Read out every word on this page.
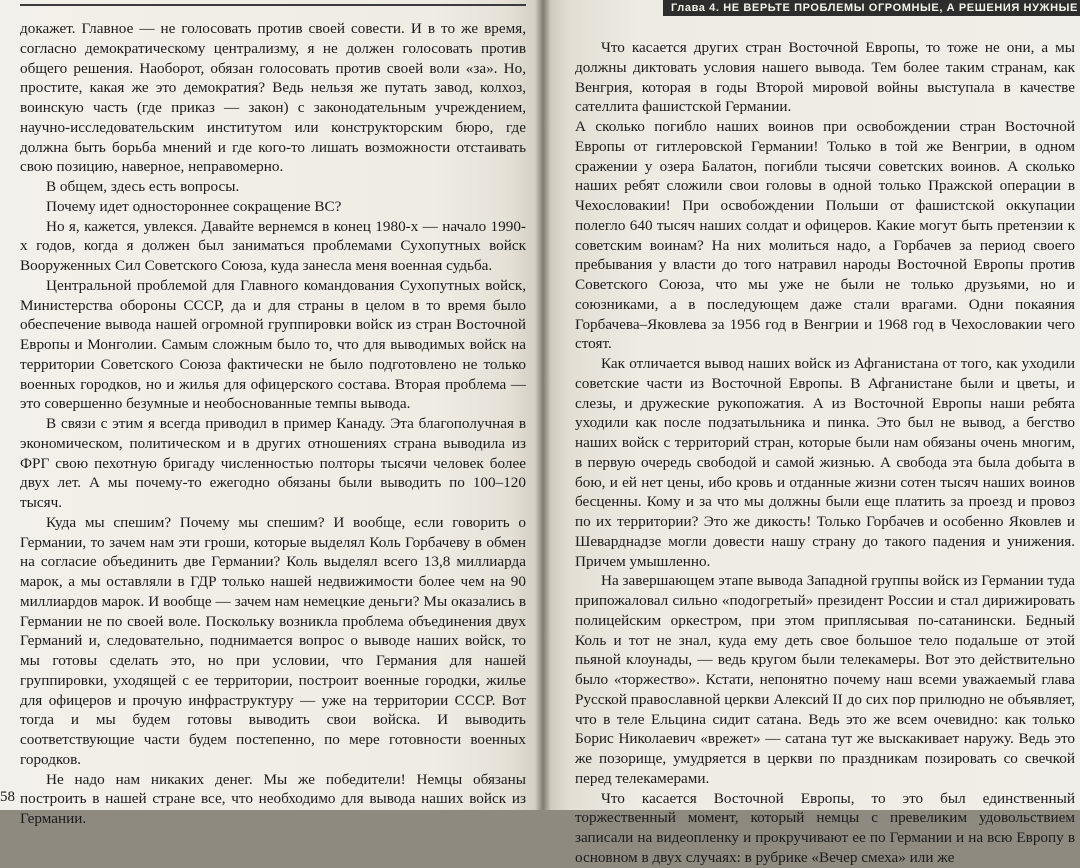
докажет. Главное — не голосовать против своей совести. И в то же время, согласно демократическому централизму, я не должен голосовать против общего решения. Наоборот, обязан голосовать против своей воли «за». Но, простите, какая же это демократия? Ведь нельзя же путать завод, колхоз, воинскую часть (где приказ — закон) с законодательным учреждением, научно-исследовательским институтом или конструкторским бюро, где должна быть борьба мнений и где кого-то лишать возможности отстаивать свою позицию, наверное, неправомерно.

В общем, здесь есть вопросы.

Почему идет одностороннее сокращение ВС?

Но я, кажется, увлекся. Давайте вернемся в конец 1980-х — начало 1990-х годов, когда я должен был заниматься проблемами Сухопутных войск Вооруженных Сил Советского Союза, куда занесла меня военная судьба.

Центральной проблемой для Главного командования Сухопутных войск, Министерства обороны СССР, да и для страны в целом в то время было обеспечение вывода нашей огромной группировки войск из стран Восточной Европы и Монголии. Самым сложным было то, что для выводимых войск на территории Советского Союза фактически не было подготовлено не только военных городков, но и жилья для офицерского состава. Вторая проблема — это совершенно безумные и необоснованные темпы вывода.

В связи с этим я всегда приводил в пример Канаду. Эта благополучная в экономическом, политическом и в других отношениях страна выводила из ФРГ свою пехотную бригаду численностью полторы тысячи человек более двух лет. А мы почему-то ежегодно обязаны были выводить по 100–120 тысяч.

Куда мы спешим? Почему мы спешим? И вообще, если говорить о Германии, то зачем нам эти гроши, которые выделял Коль Горбачеву в обмен на согласие объединить две Германии? Коль выделял всего 13,8 миллиарда марок, а мы оставляли в ГДР только нашей недвижимости более чем на 90 миллиардов марок. И вообще — зачем нам немецкие деньги? Мы оказались в Германии не по своей воле. Поскольку возникла проблема объединения двух Германий и, следовательно, поднимается вопрос о выводе наших войск, то мы готовы сделать это, но при условии, что Германия для нашей группировки, уходящей с ее территории, построит военные городки, жилье для офицеров и прочую инфраструктуру — уже на территории СССР. Вот тогда и мы будем готовы выводить свои войска. И выводить соответствующие части будем постепенно, по мере готовности военных городков.

Не надо нам никаких денег. Мы же победители! Немцы обязаны построить в нашей стране все, что необходимо для вывода наших войск из Германии.

58
Глава 4. НЕ ВЕРЬТЕ ПРОБЛЕМЫ ОГРОМНЫЕ, А РЕШЕНИЯ НУЖНЫЕ

Что касается других стран Восточной Европы, то тоже не они, а мы должны диктовать условия нашего вывода. Тем более таким странам, как Венгрия, которая в годы Второй мировой войны выступала в качестве сателлита фашистской Германии.

А сколько погибло наших воинов при освобождении стран Восточной Европы от гитлеровской Германии! Только в той же Венгрии, в одном сражении у озера Балатон, погибли тысячи советских воинов. А сколько наших ребят сложили свои головы в одной только Пражской операции в Чехословакии! При освобождении Польши от фашистской оккупации полегло 640 тысяч наших солдат и офицеров. Какие могут быть претензии к советским воинам? На них молиться надо, а Горбачев за период своего пребывания у власти до того натравил народы Восточной Европы против Советского Союза, что мы уже не были не только друзьями, но и союзниками, а в последующем даже стали врагами. Одни покаяния Горбачева–Яковлева за 1956 год в Венгрии и 1968 год в Чехословакии чего стоят.

Как отличается вывод наших войск из Афганистана от того, как уходили советские части из Восточной Европы. В Афганистане были и цветы, и слезы, и дружеские рукопожатия. А из Восточной Европы наши ребята уходили как после подзатыльника и пинка. Это был не вывод, а бегство наших войск с территорий стран, которые были нам обязаны очень многим, в первую очередь свободой и самой жизнью. А свобода эта была добыта в бою, и ей нет цены, ибо кровь и отданные жизни сотен тысяч наших воинов бесценны. Кому и за что мы должны были еще платить за проезд и провоз по их территории? Это же дикость! Только Горбачев и особенно Яковлев и Шеварднадзе могли довести нашу страну до такого падения и унижения. Причем умышленно.

На завершающем этапе вывода Западной группы войск из Германии туда припожаловал сильно «подогретый» президент России и стал дирижировать полицейским оркестром, при этом приплясывая по-сатанински. Бедный Коль и тот не знал, куда ему деть свое большое тело подальше от этой пьяной клоунады, — ведь кругом были телекамеры. Вот это действительно было «торжество». Кстати, непонятно почему наш всеми уважаемый глава Русской православной церкви Алексий II до сих пор прилюдно не объявляет, что в теле Ельцина сидит сатана. Ведь это же всем очевидно: как только Борис Николаевич «врежет» — сатана тут же выскакивает наружу. Ведь это же позорище, умудряется в церкви по праздникам позировать со свечкой перед телекамерами.

Что касается Восточной Европы, то это был единственный торжественный момент, который немцы с превеликим удовольствием записали на видеопленку и прокручивают ее по Германии и на всю Европу в основном в двух случаях: в рубрике «Вечер смеха» или же
